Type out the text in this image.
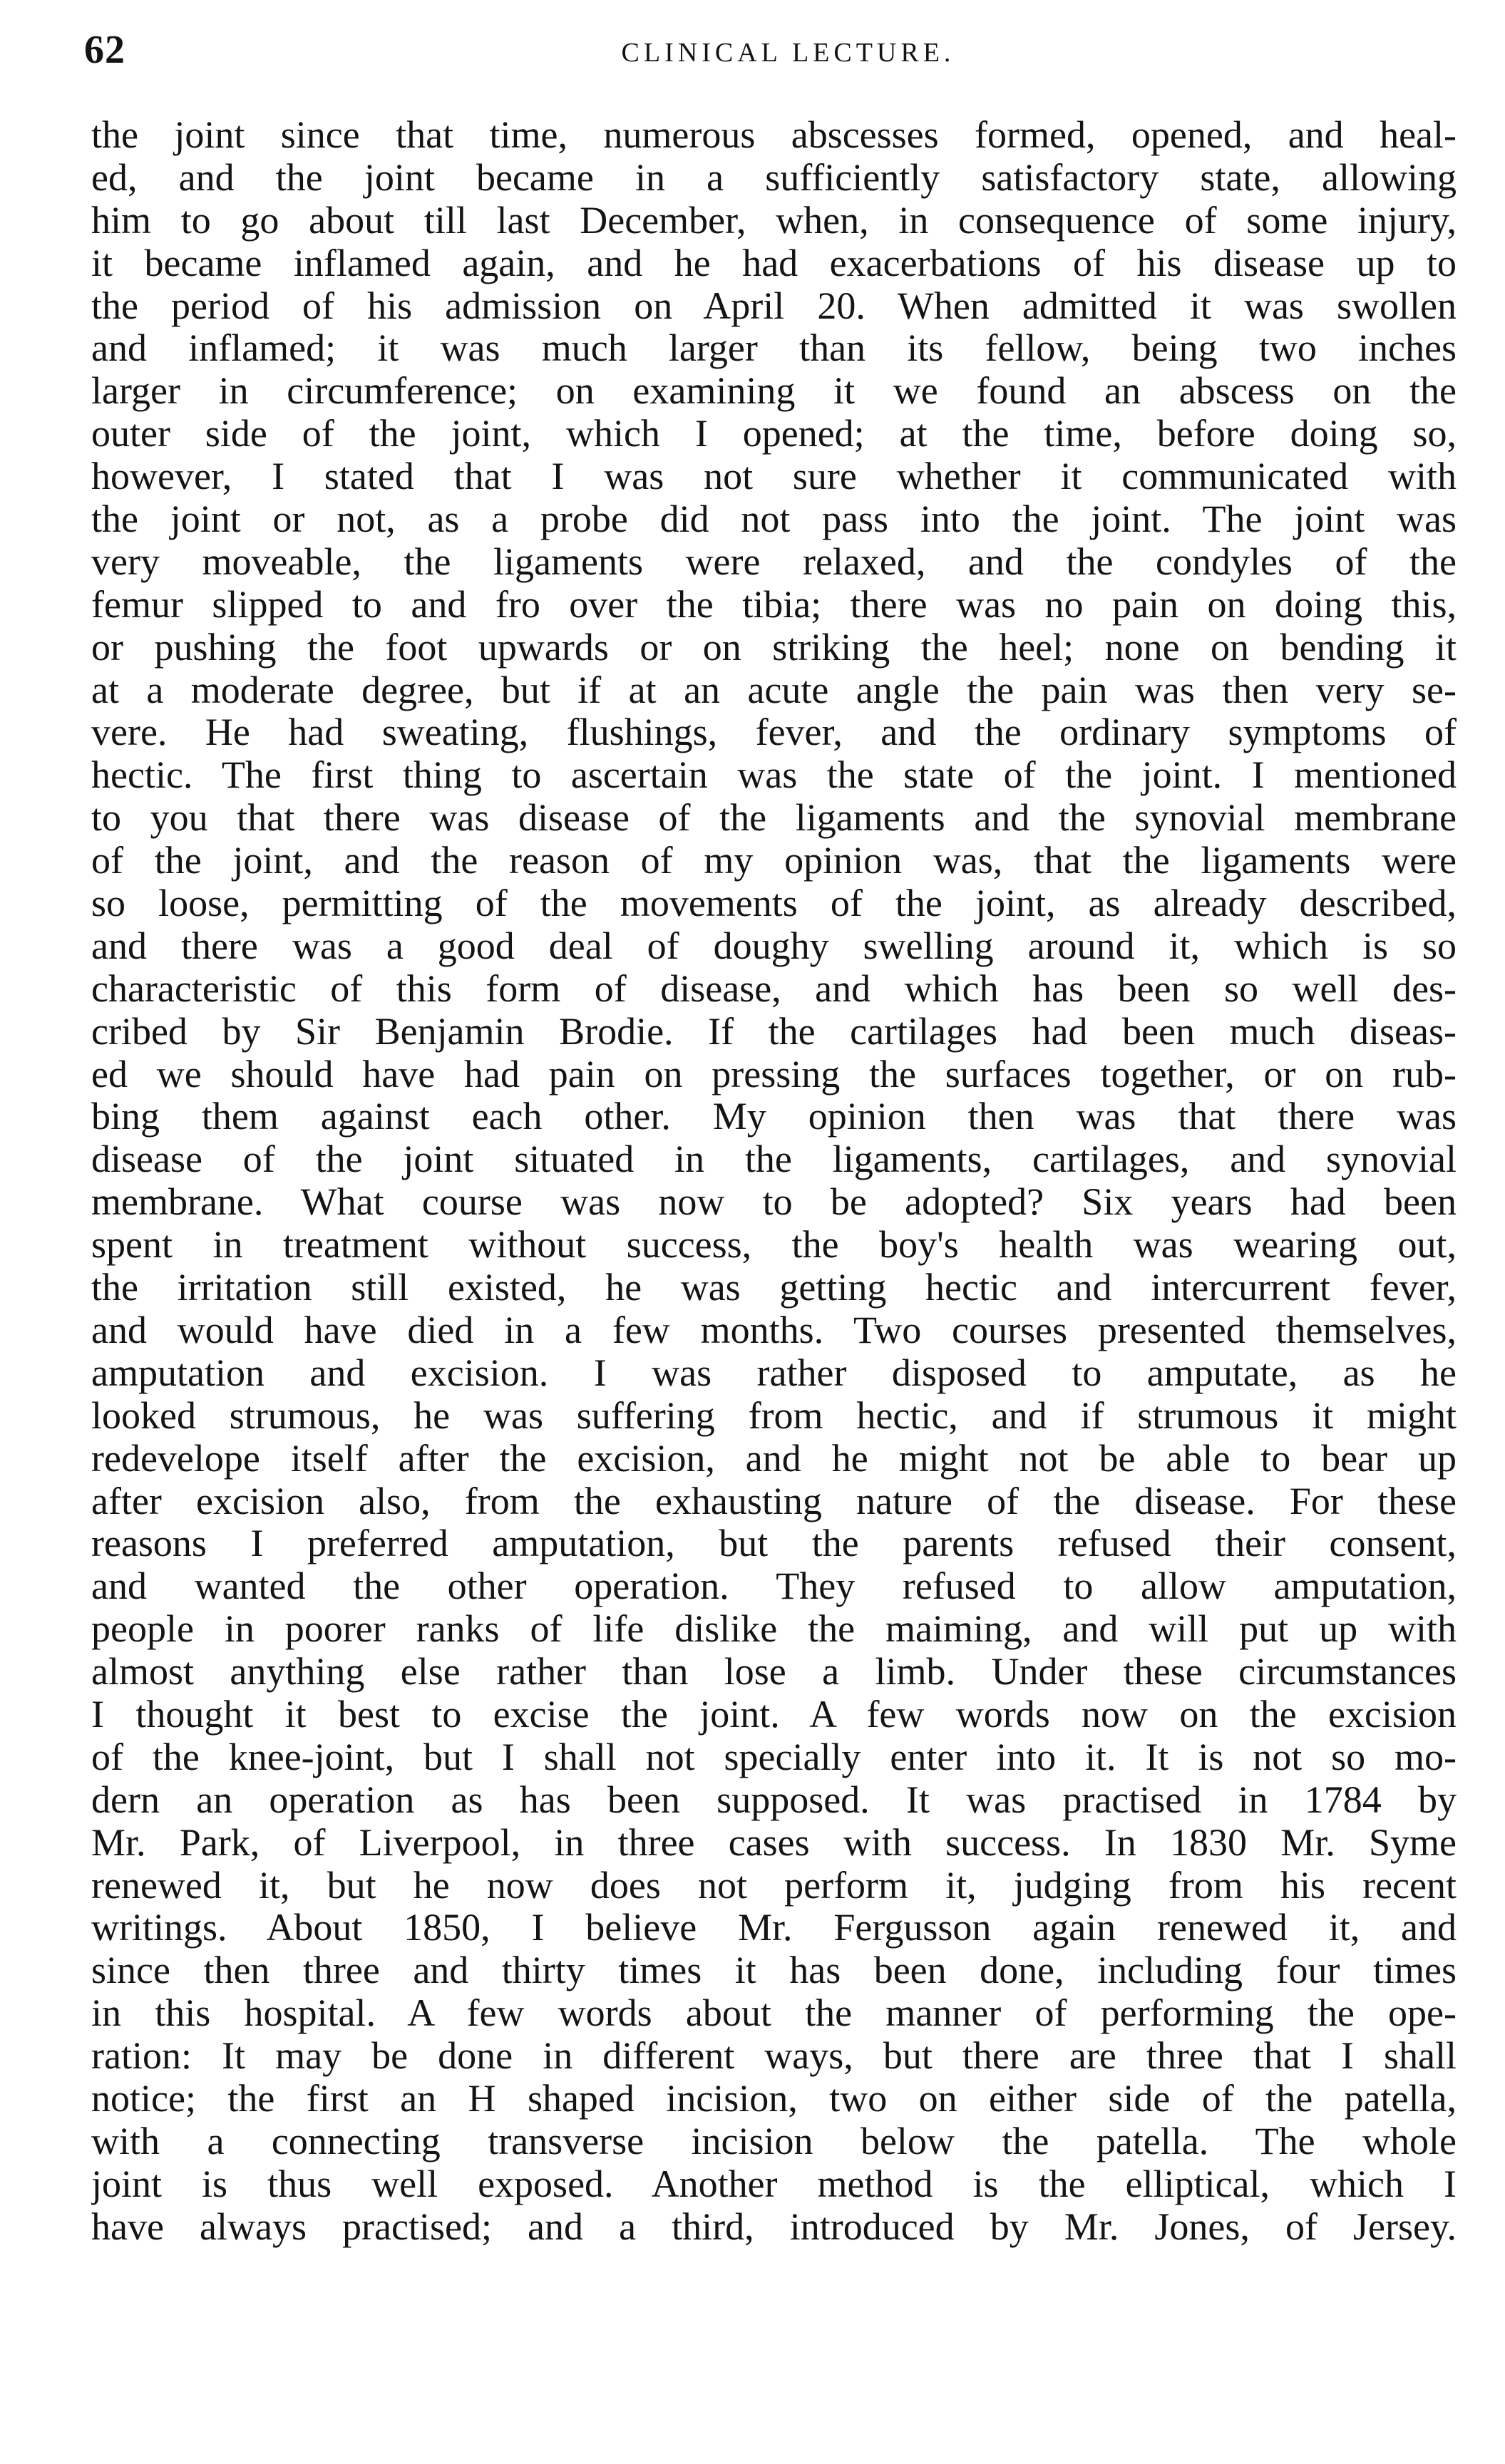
62	CLINICAL LECTURE.
the joint since that time, numerous abscesses formed, opened, and heal-
ed, and the joint became in a sufficiently satisfactory state, allowing
him to go about till last December, when, in consequence of some injury,
it became inflamed again, and he had exacerbations of his disease up to
the period of his admission on April 20. When admitted it was swollen
and inflamed; it was much larger than its fellow, being two inches
larger in circumference; on examining it we found an abscess on the
outer side of the joint, which I opened; at the time, before doing so,
however, I stated that I was not sure whether it communicated with
the joint or not, as a probe did not pass into the joint. The joint was
very moveable, the ligaments were relaxed, and the condyles of the
femur slipped to and fro over the tibia; there was no pain on doing this,
or pushing the foot upwards or on striking the heel; none on bending it
at a moderate degree, but if at an acute angle the pain was then very se-
vere. He had sweating, flushings, fever, and the ordinary symptoms of
hectic. The first thing to ascertain was the state of the joint. I mentioned
to you that there was disease of the ligaments and the synovial membrane
of the joint, and the reason of my opinion was, that the ligaments were
so loose, permitting of the movements of the joint, as already described,
and there was a good deal of doughy swelling around it, which is so
characteristic of this form of disease, and which has been so well des-
cribed by Sir Benjamin Brodie. If the cartilages had been much diseas-
ed we should have had pain on pressing the surfaces together, or on rub-
bing them against each other. My opinion then was that there was
disease of the joint situated in the ligaments, cartilages, and synovial
membrane. What course was now to be adopted? Six years had been
spent in treatment without success, the boy's health was wearing out,
the irritation still existed, he was getting hectic and intercurrent fever,
and would have died in a few months. Two courses presented themselves,
amputation and excision. I was rather disposed to amputate, as he
looked strumous, he was suffering from hectic, and if strumous it might
redevelope itself after the excision, and he might not be able to bear up
after excision also, from the exhausting nature of the disease. For these
reasons I preferred amputation, but the parents refused their consent,
and wanted the other operation. They refused to allow amputation,
people in poorer ranks of life dislike the maiming, and will put up with
almost anything else rather than lose a limb. Under these circumstances
I thought it best to excise the joint. A few words now on the excision
of the knee-joint, but I shall not specially enter into it. It is not so mo-
dern an operation as has been supposed. It was practised in 1784 by
Mr. Park, of Liverpool, in three cases with success. In 1830 Mr. Syme
renewed it, but he now does not perform it, judging from his recent
writings. About 1850, I believe Mr. Fergusson again renewed it, and
since then three and thirty times it has been done, including four times
in this hospital. A few words about the manner of performing the ope-
ration: It may be done in different ways, but there are three that I shall
notice; the first an H shaped incision, two on either side of the patella,
with a connecting transverse incision below the patella. The whole
joint is thus well exposed. Another method is the elliptical, which I
have always practised; and a third, introduced by Mr. Jones, of Jersey.
